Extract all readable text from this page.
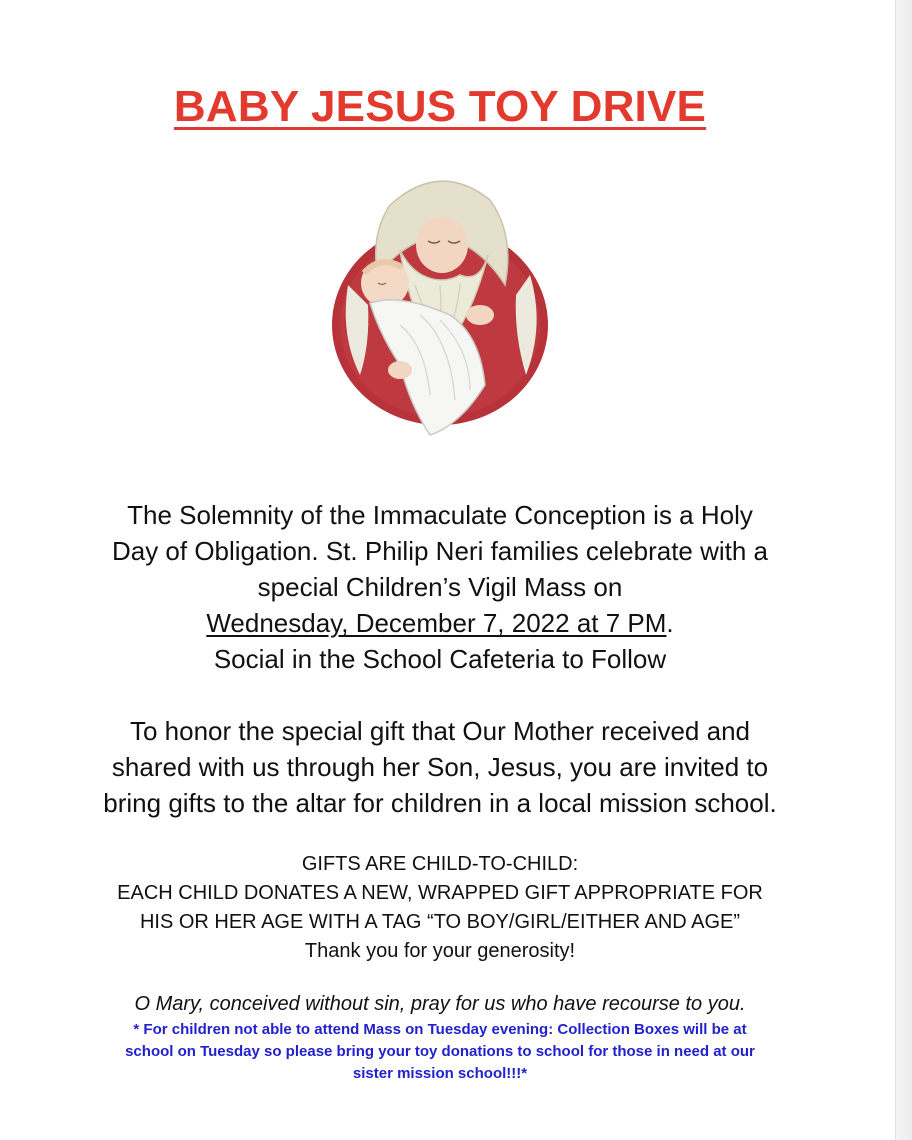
BABY JESUS TOY DRIVE
The Solemnity of the Immaculate Conception is a Holy
Day of Obligation. St. Philip Neri families celebrate with a
special Children’s Vigil Mass on
Wednesday, December 7, 2022 at 7 PM.
Social in the School Cafeteria to Follow
To honor the special gift that Our Mother received and
shared with us through her Son, Jesus, you are invited to
bring gifts to the altar for children in a local mission school.
GIFTS ARE CHILD-TO-CHILD:
EACH CHILD DONATES A NEW, WRAPPED GIFT APPROPRIATE FOR
HIS OR HER AGE WITH A TAG “TO BOY/GIRL/EITHER AND AGE”
Thank you for your generosity!
O Mary, conceived without sin, pray for us who have recourse to you.
* For children not able to attend Mass on Tuesday evening: Collection Boxes will be at
school on Tuesday so please bring your toy donations to school for those in need at our
sister mission school!!!*
